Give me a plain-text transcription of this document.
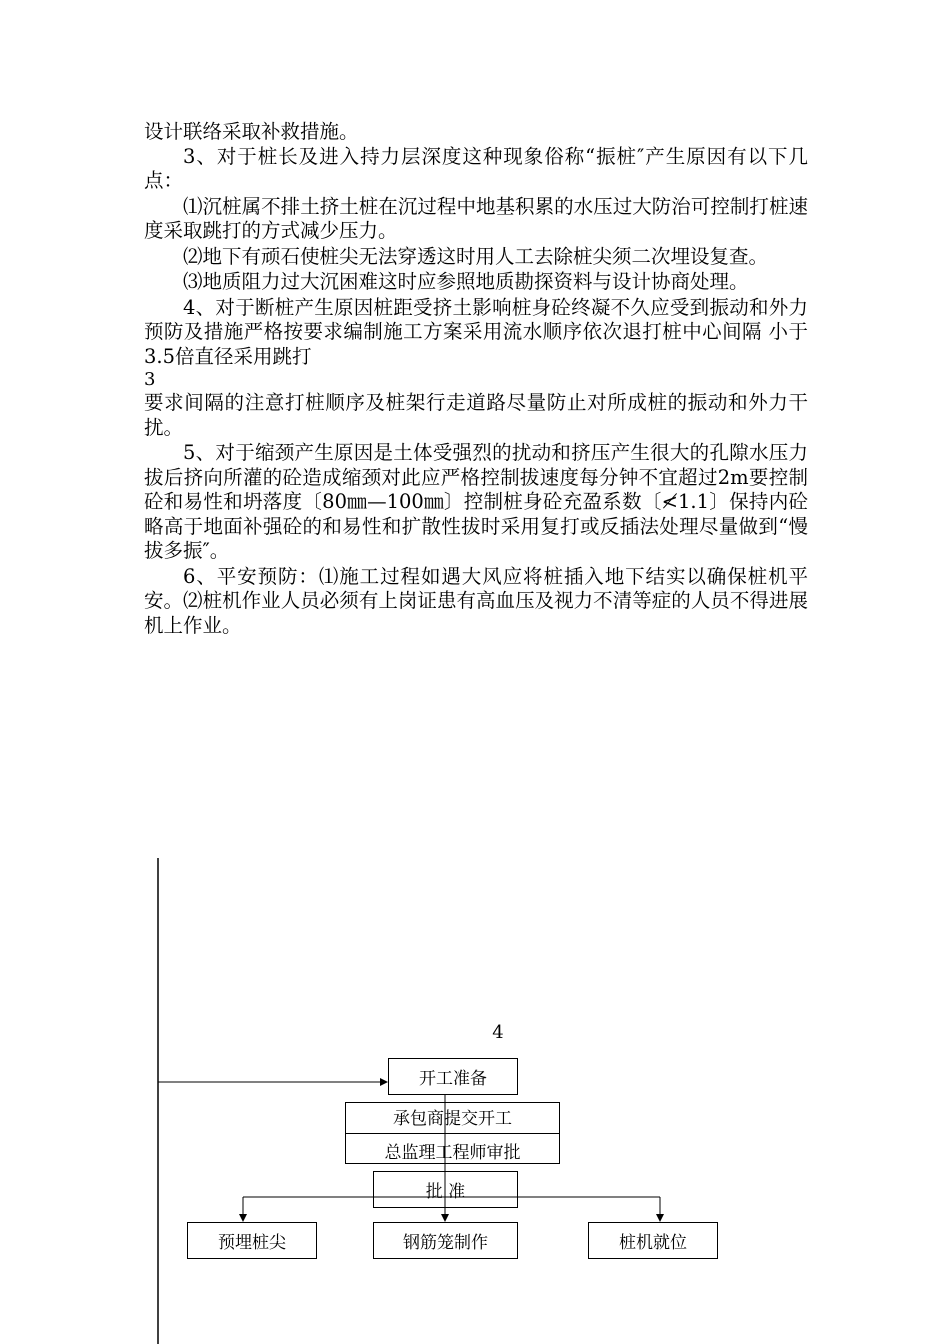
设计联络采取补救措施。

3、对于桩长及进入持力层深度这种现象俗称“振桩″产生原因有以下几点：

⑴沉桩属不排土挤土桩在沉过程中地基积累的水压过大防治可控制打桩速度采取跳打的方式减少压力。

⑵地下有顽石使桩尖无法穿透这时用人工去除桩尖须二次埋设复查。

⑶地质阻力过大沉困难这时应参照地质勘探资料与设计协商处理。

4、对于断桩产生原因桩距受挤土影响桩身砼终凝不久应受到振动和外力预防及措施严格按要求编制施工方案采用流水顺序依次退打桩中心间隔 小于3.5倍直径采用跳打

3

要求间隔的注意打桩顺序及桩架行走道路尽量防止对所成桩的振动和外力干扰。

5、对于缩颈产生原因是土体受强烈的扰动和挤压产生很大的孔隙水压力拔后挤向所灌的砼造成缩颈对此应严格控制拔速度每分钟不宜超过2m要控制砼和易性和坍落度〔80㎜—100㎜〕控制桩身砼充盈系数〔≮1.1〕保持内砼略高于地面补强砼的和易性和扩散性拔时采用复打或反插法处理尽量做到“慢拔多振″。

6、平安预防：⑴施工过程如遇大风应将桩插入地下结实以确保桩机平安。⑵桩机作业人员必须有上岗证患有高血压及视力不清等症的人员不得进展机上作业。

4
开工准备
承包商提交开工
总监理工程师审批
批 准
预埋桩尖	钢筋笼制作	桩机就位
